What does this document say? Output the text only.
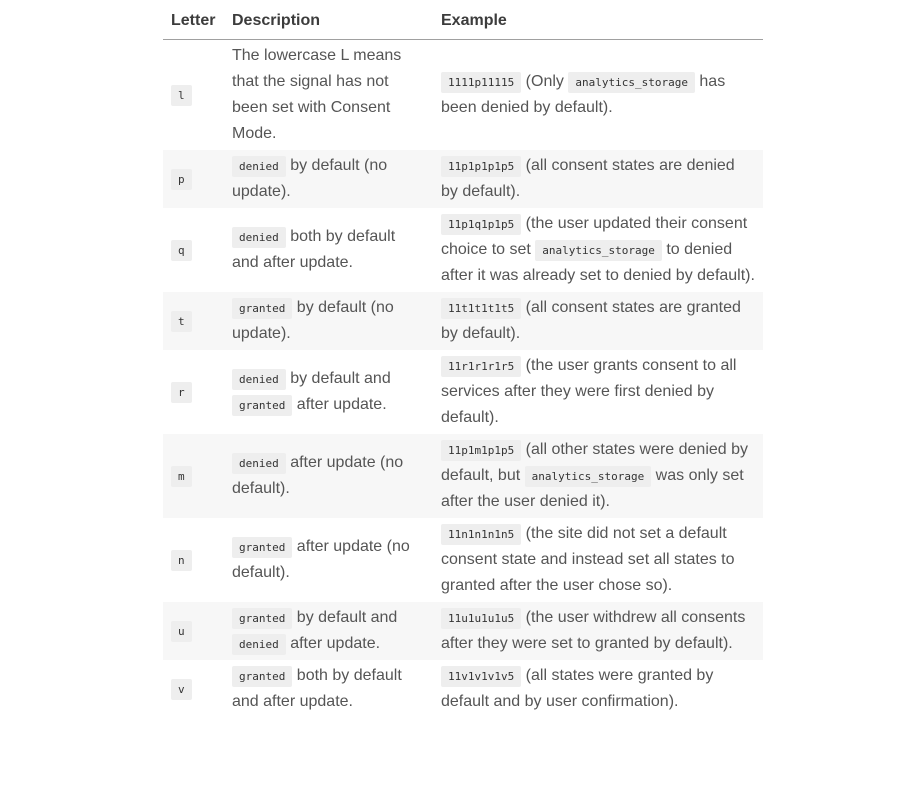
Letter	Description	Example
l	The lowercase L means that the signal has not been set with Consent Mode.	1111p11115 (Only analytics_storage has been denied by default).
p	denied by default (no update).	11p1p1p1p5 (all consent states are denied by default).
q	denied both by default and after update.	11p1q1p1p5 (the user updated their consent choice to set analytics_storage to denied after it was already set to denied by default).
t	granted by default (no update).	11t1t1t1t5 (all consent states are granted by default).
r	denied by default and granted after update.	11r1r1r1r5 (the user grants consent to all services after they were first denied by default).
m	denied after update (no default).	11p1m1p1p5 (all other states were denied by default, but analytics_storage was only set after the user denied it).
n	granted after update (no default).	11n1n1n1n5 (the site did not set a default consent state and instead set all states to granted after the user chose so).
u	granted by default and denied after update.	11u1u1u1u5 (the user withdrew all consents after they were set to granted by default).
v	granted both by default and after update.	11v1v1v1v5 (all states were granted by default and by user confirmation).
